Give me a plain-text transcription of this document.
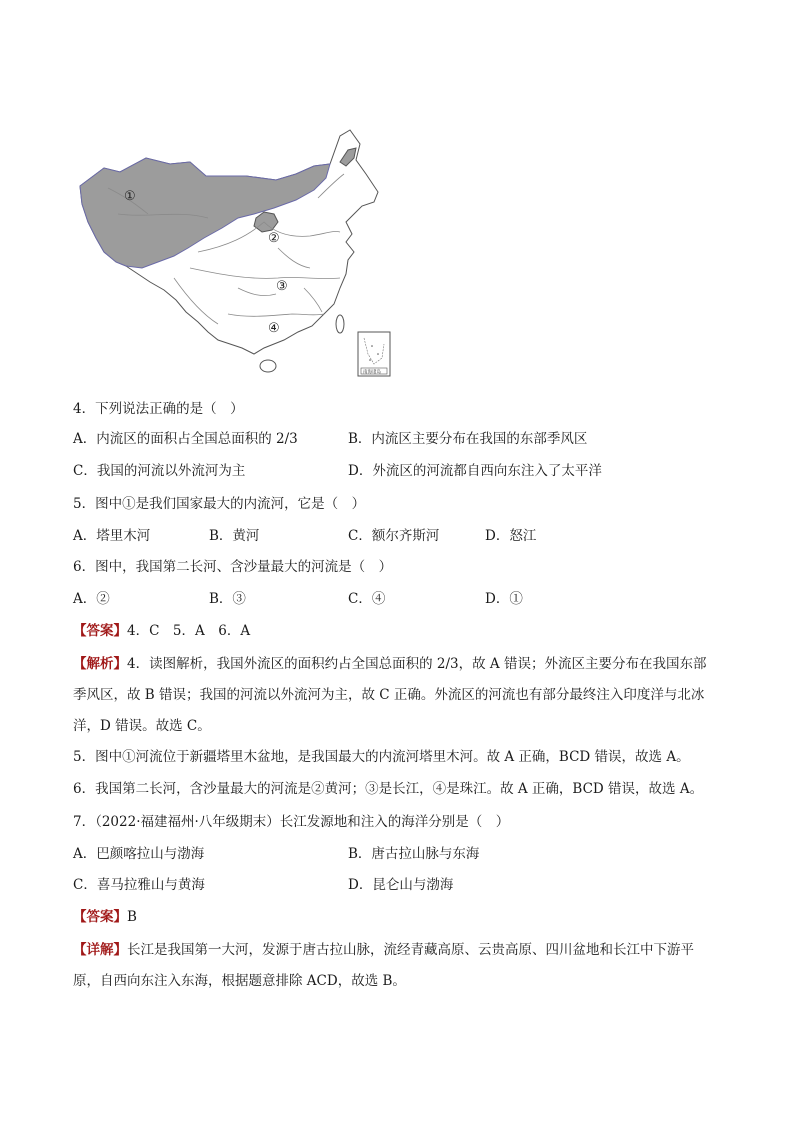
①
②
③
④
南海诸岛
4．下列说法正确的是（　）
A．内流区的面积占全国总面积的 2/3	B．内流区主要分布在我国的东部季风区
C．我国的河流以外流河为主	D．外流区的河流都自西向东注入了太平洋
5．图中①是我们国家最大的内流河，它是（　）
A．塔里木河	B．黄河	C．额尔齐斯河	D．怒江
6．图中，我国第二长河、含沙量最大的河流是（　）
A．②	B．③	C．④	D．①
【答案】4．C　5．A　6．A
【解析】4．读图解析，我国外流区的面积约占全国总面积的 2/3，故 A 错误；外流区主要分布在我国东部
季风区，故 B 错误；我国的河流以外流河为主，故 C 正确。外流区的河流也有部分最终注入印度洋与北冰
洋，D 错误。故选 C。
5．图中①河流位于新疆塔里木盆地，是我国最大的内流河塔里木河。故 A 正确，BCD 错误，故选 A。
6．我国第二长河，含沙量最大的河流是②黄河；③是长江，④是珠江。故 A 正确，BCD 错误，故选 A。
7．（2022·福建福州·八年级期末）长江发源地和注入的海洋分别是（　）
A．巴颜喀拉山与渤海	B．唐古拉山脉与东海
C．喜马拉雅山与黄海	D．昆仑山与渤海
【答案】B
【详解】长江是我国第一大河，发源于唐古拉山脉，流经青藏高原、云贵高原、四川盆地和长江中下游平
原，自西向东注入东海，根据题意排除 ACD，故选 B。
